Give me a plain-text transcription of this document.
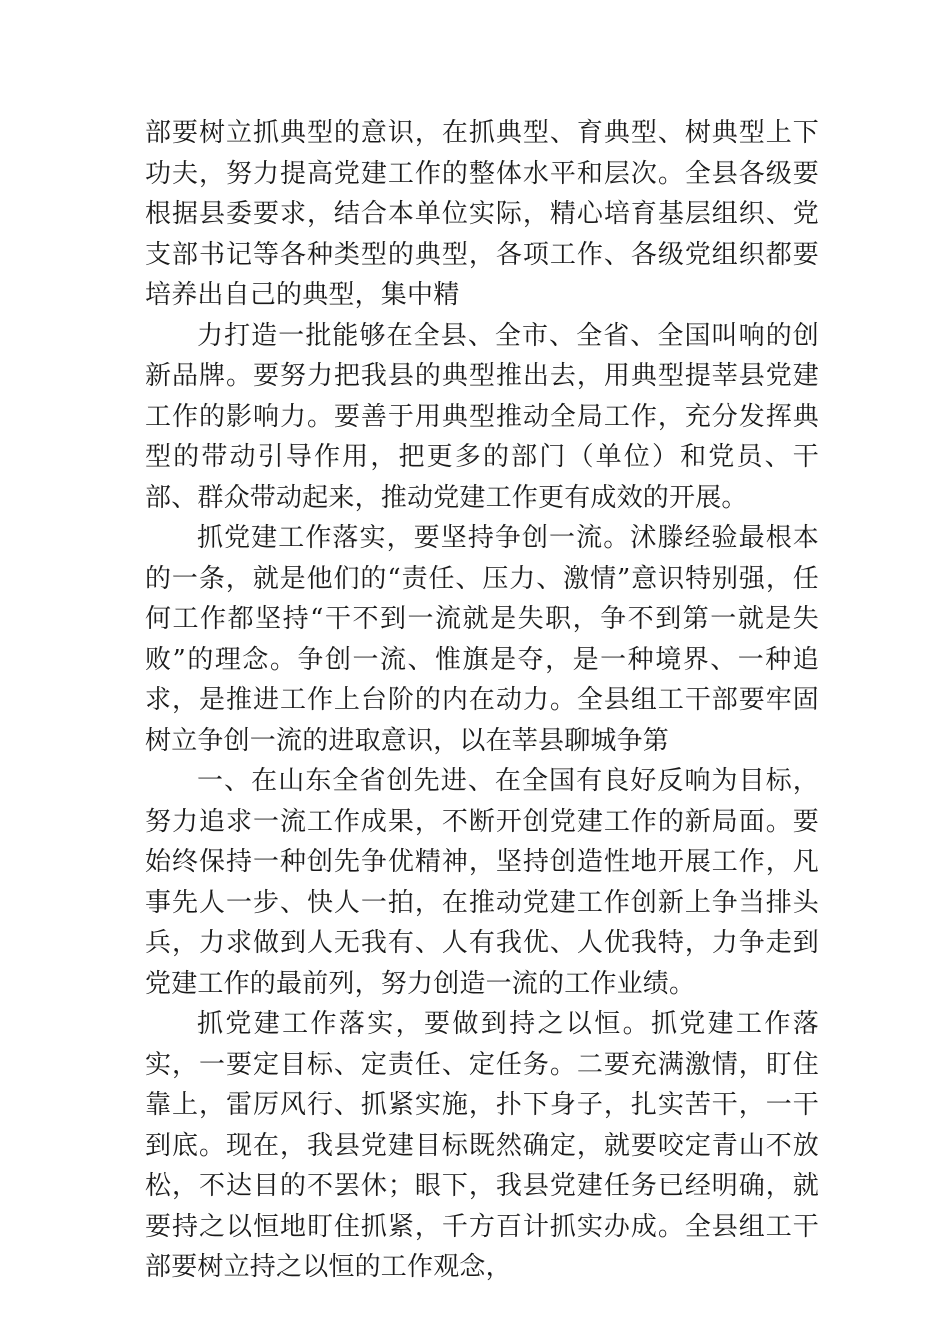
部要树立抓典型的意识，在抓典型、育典型、树典型上下功夫，努力提高党建工作的整体水平和层次。全县各级要根据县委要求，结合本单位实际，精心培育基层组织、党支部书记等各种类型的典型，各项工作、各级党组织都要培养出自己的典型，集中精

力打造一批能够在全县、全市、全省、全国叫响的创新品牌。要努力把我县的典型推出去，用典型提莘县党建工作的影响力。要善于用典型推动全局工作，充分发挥典型的带动引导作用，把更多的部门（单位）和党员、干部、群众带动起来，推动党建工作更有成效的开展。

抓党建工作落实，要坚持争创一流。沭滕经验最根本的一条，就是他们的“责任、压力、激情”意识特别强，任何工作都坚持“干不到一流就是失职，争不到第一就是失败”的理念。争创一流、惟旗是夺，是一种境界、一种追求，是推进工作上台阶的内在动力。全县组工干部要牢固树立争创一流的进取意识，以在莘县聊城争第

一、在山东全省创先进、在全国有良好反响为目标，努力追求一流工作成果，不断开创党建工作的新局面。要始终保持一种创先争优精神，坚持创造性地开展工作，凡事先人一步、快人一拍，在推动党建工作创新上争当排头兵，力求做到人无我有、人有我优、人优我特，力争走到党建工作的最前列，努力创造一流的工作业绩。

抓党建工作落实，要做到持之以恒。抓党建工作落实，一要定目标、定责任、定任务。二要充满激情，盯住靠上，雷厉风行、抓紧实施，扑下身子，扎实苦干，一干到底。现在，我县党建目标既然确定，就要咬定青山不放松，不达目的不罢休；眼下，我县党建任务已经明确，就要持之以恒地盯住抓紧，千方百计抓实办成。全县组工干部要树立持之以恒的工作观念，
